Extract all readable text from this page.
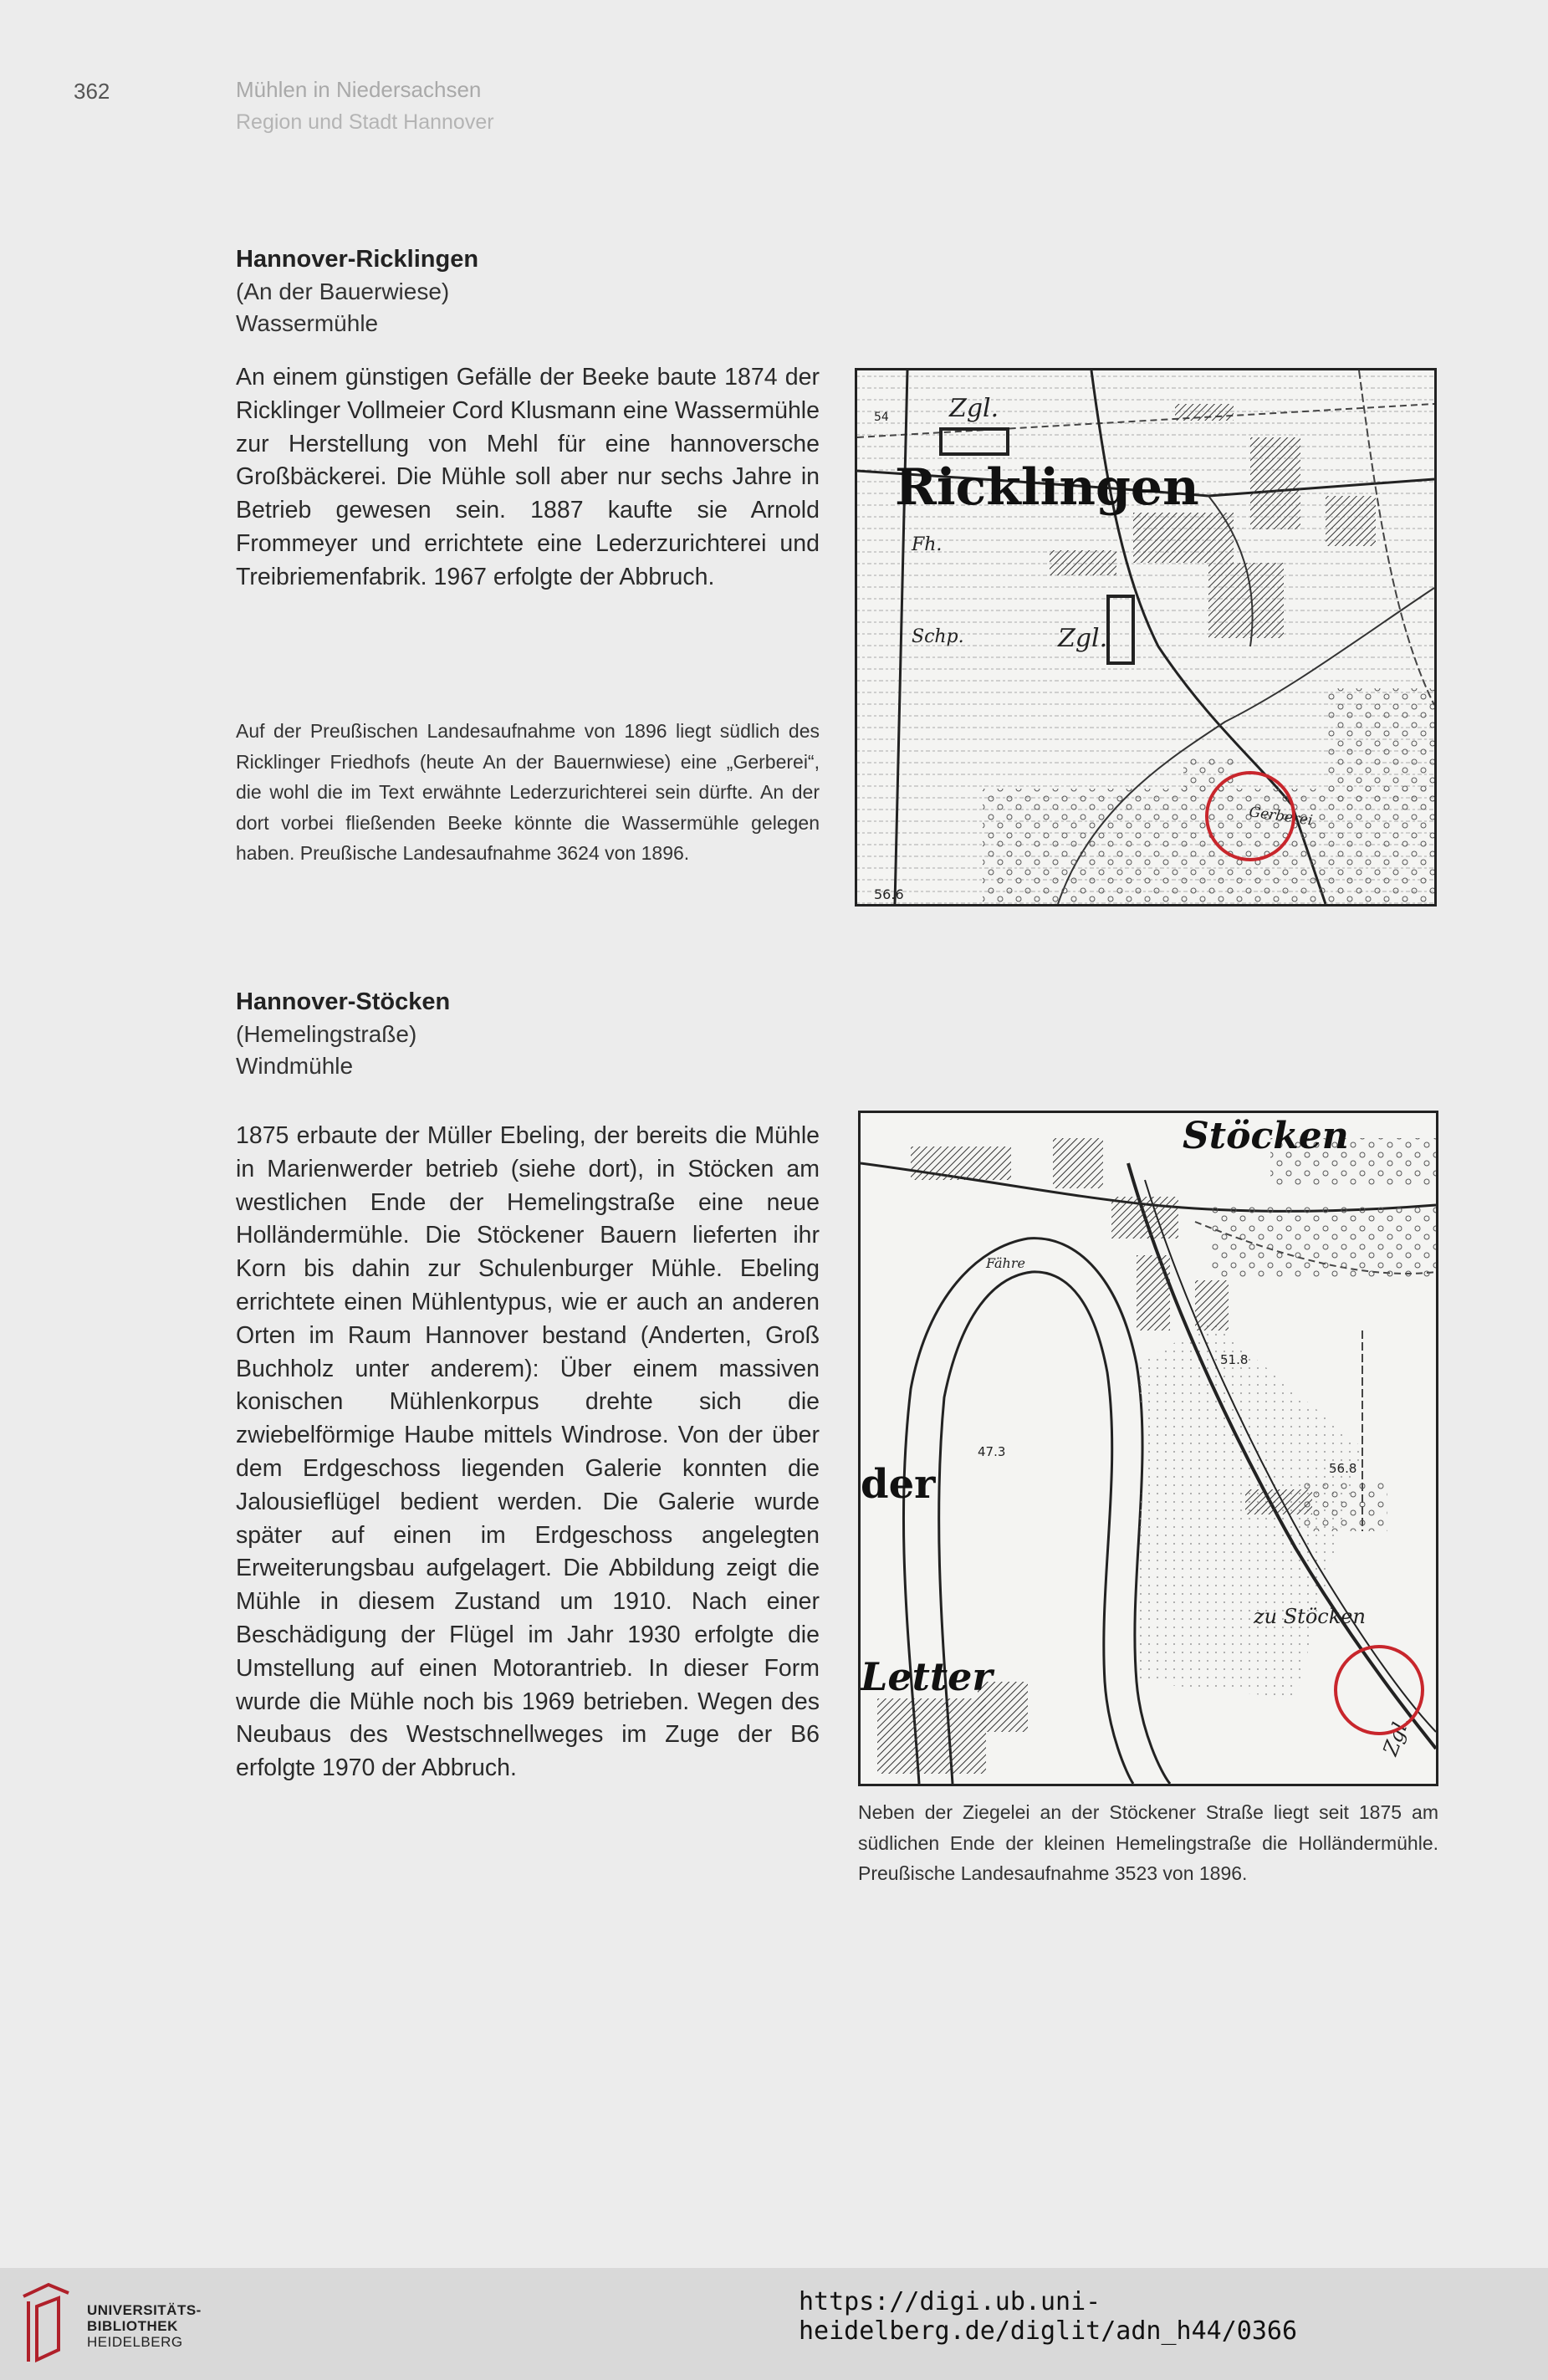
362	Mühlen in Niedersachsen
Region und Stadt Hannover
Hannover-Ricklingen
(An der Bauerwiese)
Wassermühle

An einem günstigen Gefälle der Beeke baute 1874 der Ricklinger Vollmeier Cord Klusmann eine Wassermühle zur Herstellung von Mehl für eine hannoversche Großbäckerei. Die Mühle soll aber nur sechs Jahre in Betrieb gewesen sein. 1887 kaufte sie Arnold Frommeyer und errichtete eine Lederzurichterei und Treibriemenfabrik. 1967 erfolgte der Abbruch.

Auf der Preußischen Landesaufnahme von 1896 liegt südlich des Ricklinger Friedhofs (heute An der Bauernwiese) eine „Gerberei“, die wohl die im Text erwähnte Lederzurichterei sein dürfte. An der dort vorbei fließenden Beeke könnte die Wassermühle gelegen haben. Preußische Landesaufnahme 3624 von 1896.
Zgl.
Ricklingen
Fh.
Schp.	Zgl.
Gerberei
54
56.6
Hannover-Stöcken
(Hemelingstraße)
Windmühle

1875 erbaute der Müller Ebeling, der bereits die Mühle in Marienwerder betrieb (siehe dort), in Stöcken am westlichen Ende der Hemelingstraße eine neue Holländermühle. Die Stöckener Bauern lieferten ihr Korn bis dahin zur Schulenburger Mühle. Ebeling errichtete einen Mühlentypus, wie er auch an anderen Orten im Raum Hannover bestand (Anderten, Groß Buchholz unter anderem): Über einem massiven konischen Mühlenkorpus drehte sich die zwiebelförmige Haube mittels Windrose. Von der über dem Erdgeschoss liegenden Galerie konnten die Jalousieflügel bedient werden. Die Galerie wurde später auf einen im Erdgeschoss angelegten Erweiterungsbau aufgelagert. Die Abbildung zeigt die Mühle in diesem Zustand um 1910. Nach einer Beschädigung der Flügel im Jahr 1930 erfolgte die Umstellung auf einen Motorantrieb. In dieser Form wurde die Mühle noch bis 1969 betrieben. Wegen des Neubaus des Westschnellweges im Zuge der B6 erfolgte 1970 der Abbruch.

Stöcken
der
Letter
zu Stöcken
Zgl.
Fähre
47.3
51.8
56.8
Neben der Ziegelei an der Stöckener Straße liegt seit 1875 am südlichen Ende der kleinen Hemelingstraße die Holländermühle. Preußische Landesaufnahme 3523 von 1896.
UNIVERSITÄTS-
BIBLIOTHEK
HEIDELBERG
https://digi.ub.uni-heidelberg.de/diglit/adn_h44/0366
